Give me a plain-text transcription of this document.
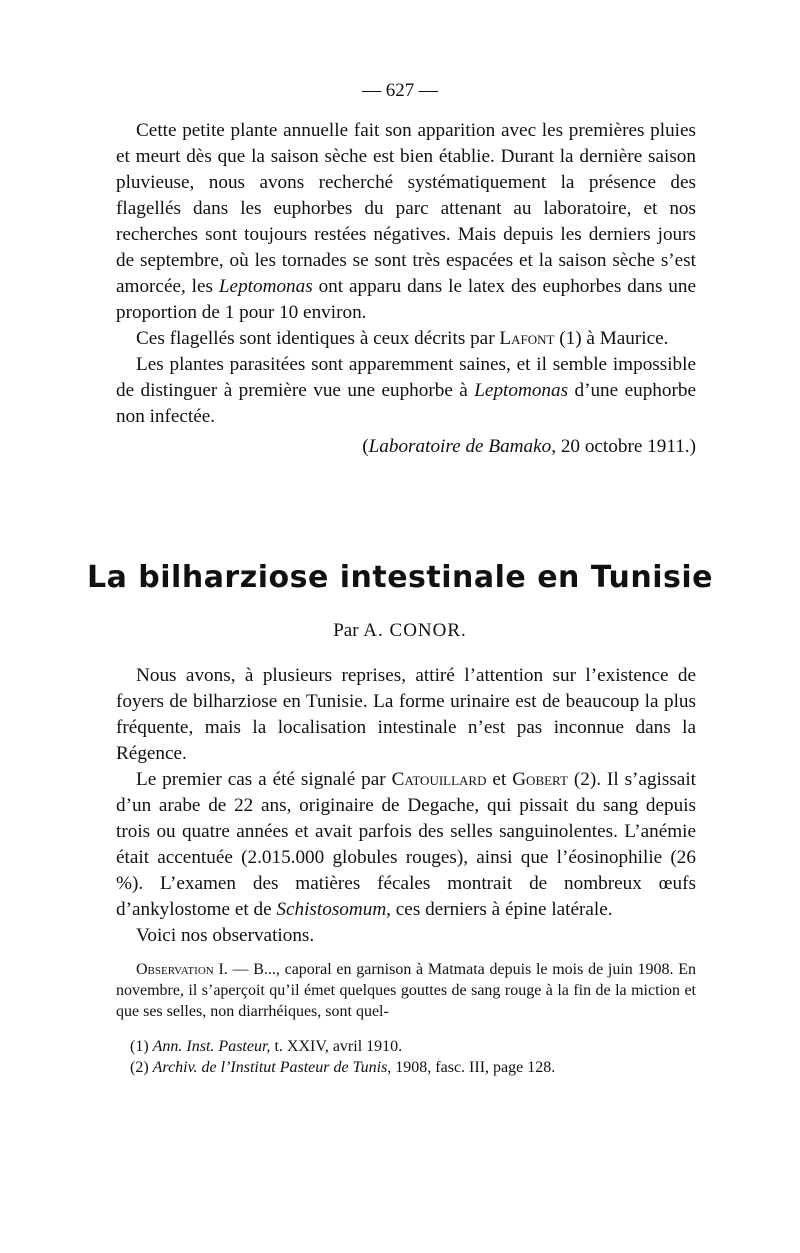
— 627 —

Cette petite plante annuelle fait son apparition avec les premières pluies et meurt dès que la saison sèche est bien établie. Durant la dernière saison pluvieuse, nous avons recherché systématiquement la présence des flagellés dans les euphorbes du parc attenant au laboratoire, et nos recherches sont toujours restées négatives. Mais depuis les derniers jours de septembre, où les tornades se sont très espacées et la saison sèche s’est amorcée, les Leptomonas ont apparu dans le latex des euphorbes dans une proportion de 1 pour 10 environ.

Ces flagellés sont identiques à ceux décrits par Lafont (1) à Maurice.

Les plantes parasitées sont apparemment saines, et il semble impossible de distinguer à première vue une euphorbe à Leptomonas d’une euphorbe non infectée.

(Laboratoire de Bamako, 20 octobre 1911.)

La bilharziose intestinale en Tunisie
Par A. CONOR.

Nous avons, à plusieurs reprises, attiré l’attention sur l’existence de foyers de bilharziose en Tunisie. La forme urinaire est de beaucoup la plus fréquente, mais la localisation intestinale n’est pas inconnue dans la Régence.

Le premier cas a été signalé par Catouillard et Gobert (2). Il s’agissait d’un arabe de 22 ans, originaire de Degache, qui pissait du sang depuis trois ou quatre années et avait parfois des selles sanguinolentes. L’anémie était accentuée (2.015.000 globules rouges), ainsi que l’éosinophilie (26 %). L’examen des matières fécales montrait de nombreux œufs d’ankylostome et de Schistosomum, ces derniers à épine latérale.

Voici nos observations.

Observation I. — B..., caporal en garnison à Matmata depuis le mois de juin 1908. En novembre, il s’aperçoit qu’il émet quelques gouttes de sang rouge à la fin de la miction et que ses selles, non diarrhéiques, sont quel-

(1) Ann. Inst. Pasteur, t. XXIV, avril 1910.

(2) Archiv. de l’Institut Pasteur de Tunis, 1908, fasc. III, page 128.
